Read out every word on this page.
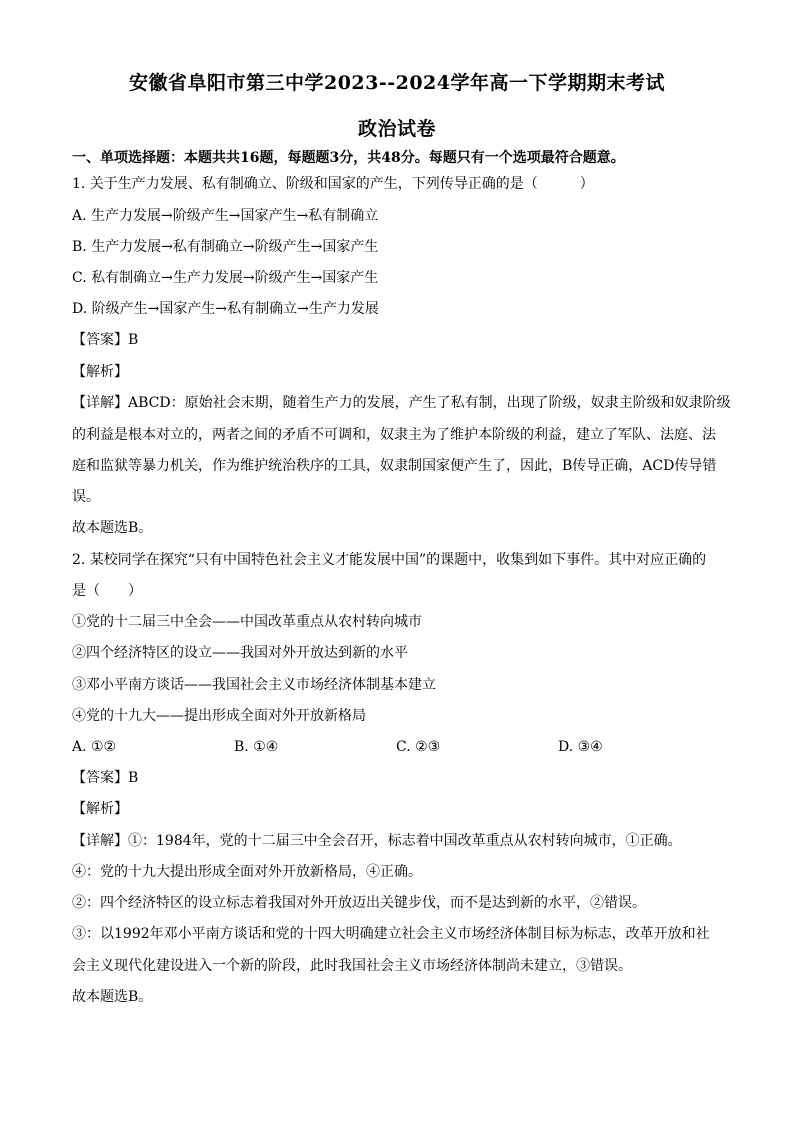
安徽省阜阳市第三中学2023--2024学年高一下学期期末考试
政治试卷
一、单项选择题：本题共共16题，每题题3分，共48分。每题只有一个选项最符合题意。
1. 关于生产力发展、私有制确立、阶级和国家的产生，下列传导正确的是（　　　）
A. 生产力发展→阶级产生→国家产生→私有制确立
B. 生产力发展→私有制确立→阶级产生→国家产生
C. 私有制确立→生产力发展→阶级产生→国家产生
D. 阶级产生→国家产生→私有制确立→生产力发展
【答案】B
【解析】
【详解】ABCD：原始社会末期，随着生产力的发展，产生了私有制，出现了阶级，奴隶主阶级和奴隶阶级
的利益是根本对立的，两者之间的矛盾不可调和，奴隶主为了维护本阶级的利益，建立了军队、法庭、法
庭和监狱等暴力机关，作为维护统治秩序的工具，奴隶制国家便产生了，因此，B传导正确，ACD传导错
误。
故本题选B。
2. 某校同学在探究“只有中国特色社会主义才能发展中国”的课题中，收集到如下事件。其中对应正确的
是（　　）
①党的十二届三中全会——中国改革重点从农村转向城市
②四个经济特区的设立——我国对外开放达到新的水平
③邓小平南方谈话——我国社会主义市场经济体制基本建立
④党的十九大——提出形成全面对外开放新格局
A. ①②	B. ①④	C. ②③	D. ③④
【答案】B
【解析】
【详解】①：1984年，党的十二届三中全会召开，标志着中国改革重点从农村转向城市，①正确。
④：党的十九大提出形成全面对外开放新格局，④正确。
②：四个经济特区的设立标志着我国对外开放迈出关键步伐，而不是达到新的水平，②错误。
③：以1992年邓小平南方谈话和党的十四大明确建立社会主义市场经济体制目标为标志，改革开放和社
会主义现代化建设进入一个新的阶段，此时我国社会主义市场经济体制尚未建立，③错误。
故本题选B。
